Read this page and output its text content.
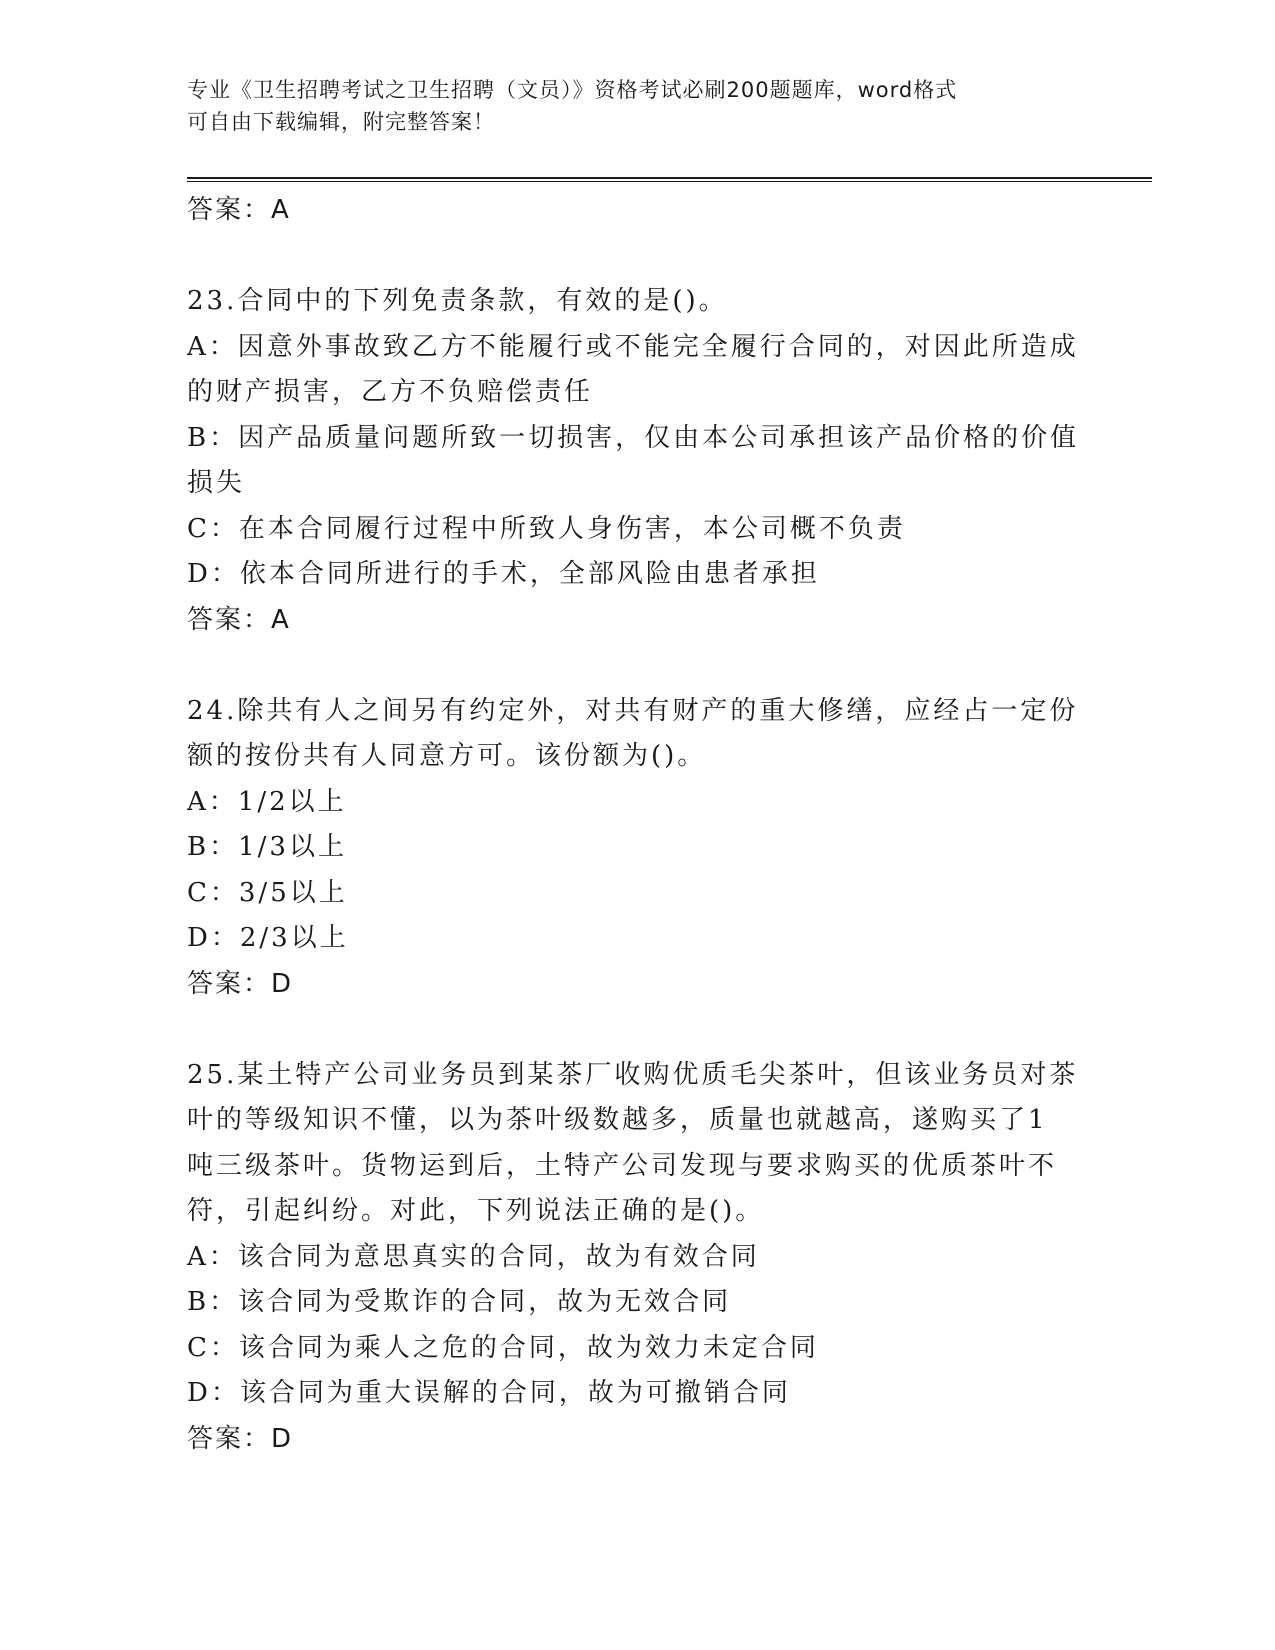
专业《卫生招聘考试之卫生招聘（文员）》资格考试必刷200题题库，word格式
可自由下载编辑，附完整答案！
答案：A
23.合同中的下列免责条款，有效的是()。
A：因意外事故致乙方不能履行或不能完全履行合同的，对因此所造成
的财产损害，乙方不负赔偿责任
B：因产品质量问题所致一切损害，仅由本公司承担该产品价格的价值
损失
C：在本合同履行过程中所致人身伤害，本公司概不负责
D：依本合同所进行的手术，全部风险由患者承担
答案：A
24.除共有人之间另有约定外，对共有财产的重大修缮，应经占一定份
额的按份共有人同意方可。该份额为()。
A：1/2以上
B：1/3以上
C：3/5以上
D：2/3以上
答案：D
25.某土特产公司业务员到某茶厂收购优质毛尖茶叶，但该业务员对茶
叶的等级知识不懂，以为茶叶级数越多，质量也就越高，遂购买了1
吨三级茶叶。货物运到后，土特产公司发现与要求购买的优质茶叶不
符，引起纠纷。对此，下列说法正确的是()。
A：该合同为意思真实的合同，故为有效合同
B：该合同为受欺诈的合同，故为无效合同
C：该合同为乘人之危的合同，故为效力未定合同
D：该合同为重大误解的合同，故为可撤销合同
答案：D
